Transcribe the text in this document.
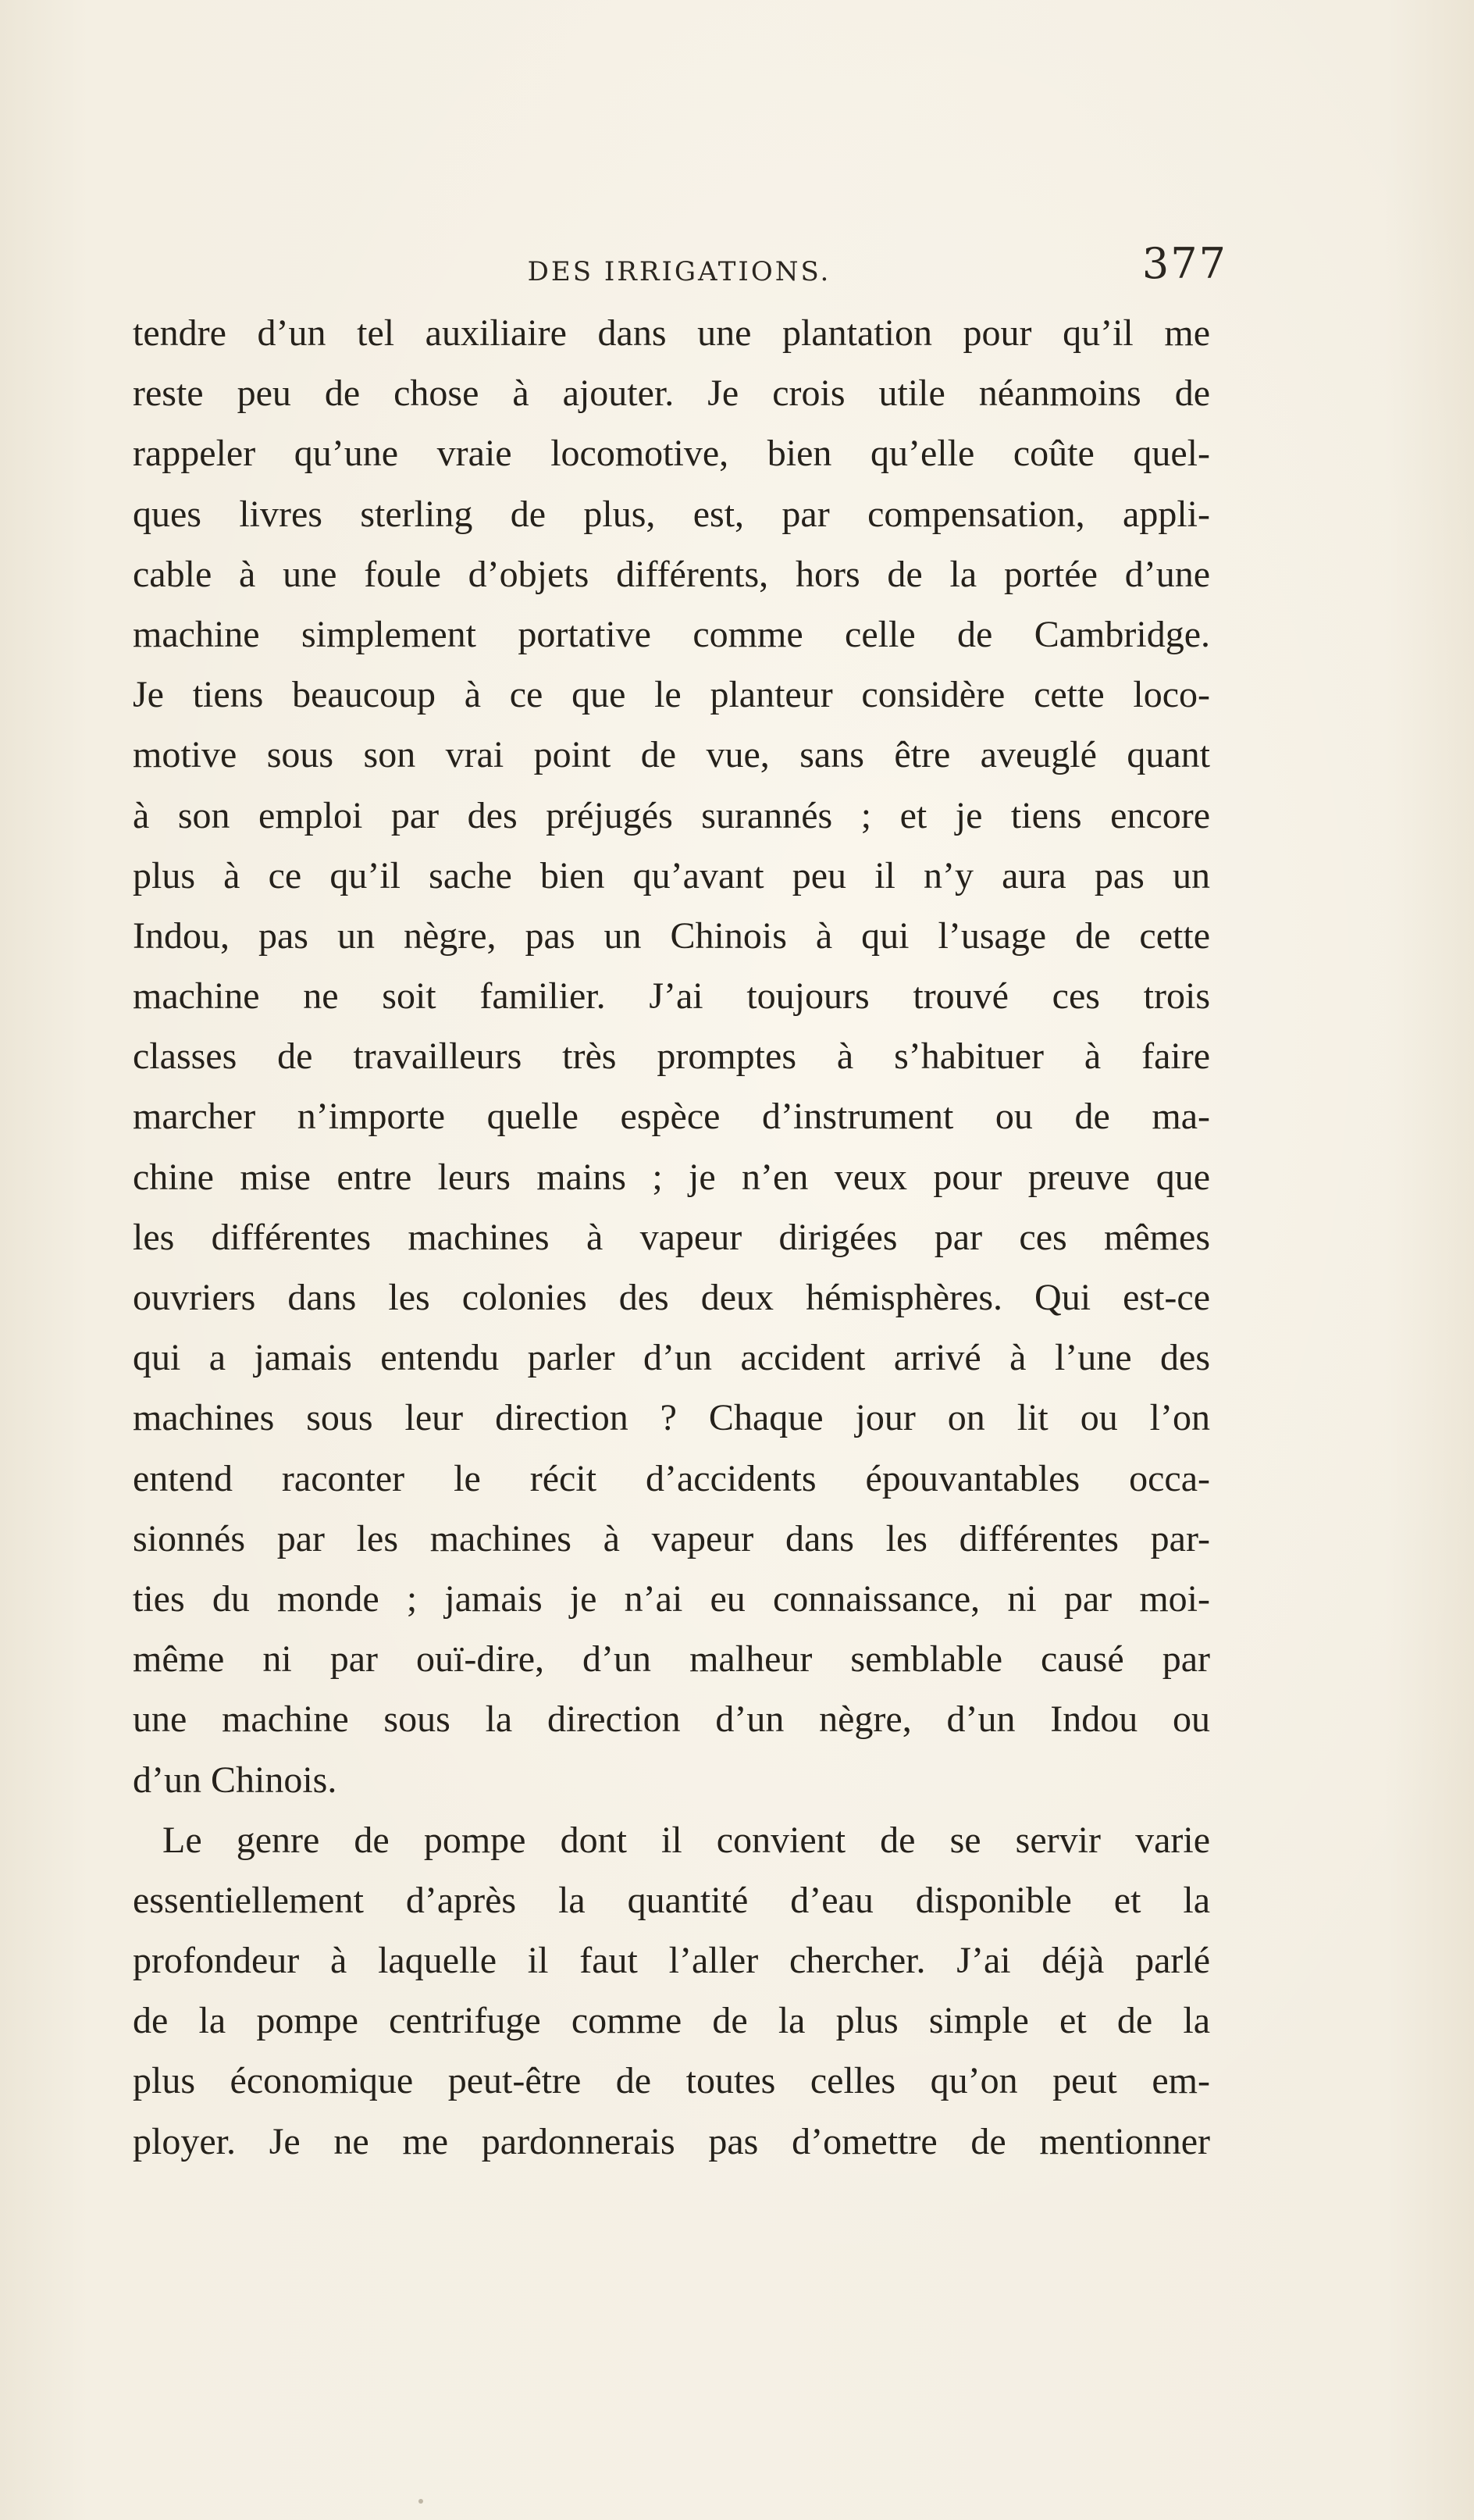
DES IRRIGATIONS.	377
tendre d’un tel auxiliaire dans une plantation pour qu’il me
reste peu de chose à ajouter. Je crois utile néanmoins de
rappeler qu’une vraie locomotive, bien qu’elle coûte quel-
ques livres sterling de plus, est, par compensation, appli-
cable à une foule d’objets différents, hors de la portée d’une
machine simplement portative comme celle de Cambridge.
Je tiens beaucoup à ce que le planteur considère cette loco-
motive sous son vrai point de vue, sans être aveuglé quant
à son emploi par des préjugés surannés ; et je tiens encore
plus à ce qu’il sache bien qu’avant peu il n’y aura pas un
Indou, pas un nègre, pas un Chinois à qui l’usage de cette
machine ne soit familier. J’ai toujours trouvé ces trois
classes de travailleurs très promptes à s’habituer à faire
marcher n’importe quelle espèce d’instrument ou de ma-
chine mise entre leurs mains ; je n’en veux pour preuve que
les différentes machines à vapeur dirigées par ces mêmes
ouvriers dans les colonies des deux hémisphères. Qui est-ce
qui a jamais entendu parler d’un accident arrivé à l’une des
machines sous leur direction ? Chaque jour on lit ou l’on
entend raconter le récit d’accidents épouvantables occa-
sionnés par les machines à vapeur dans les différentes par-
ties du monde ; jamais je n’ai eu connaissance, ni par moi-
même ni par ouï-dire, d’un malheur semblable causé par
une machine sous la direction d’un nègre, d’un Indou ou
d’un Chinois.
Le genre de pompe dont il convient de se servir varie
essentiellement d’après la quantité d’eau disponible et la
profondeur à laquelle il faut l’aller chercher. J’ai déjà parlé
de la pompe centrifuge comme de la plus simple et de la
plus économique peut-être de toutes celles qu’on peut em-
ployer. Je ne me pardonnerais pas d’omettre de mentionner
